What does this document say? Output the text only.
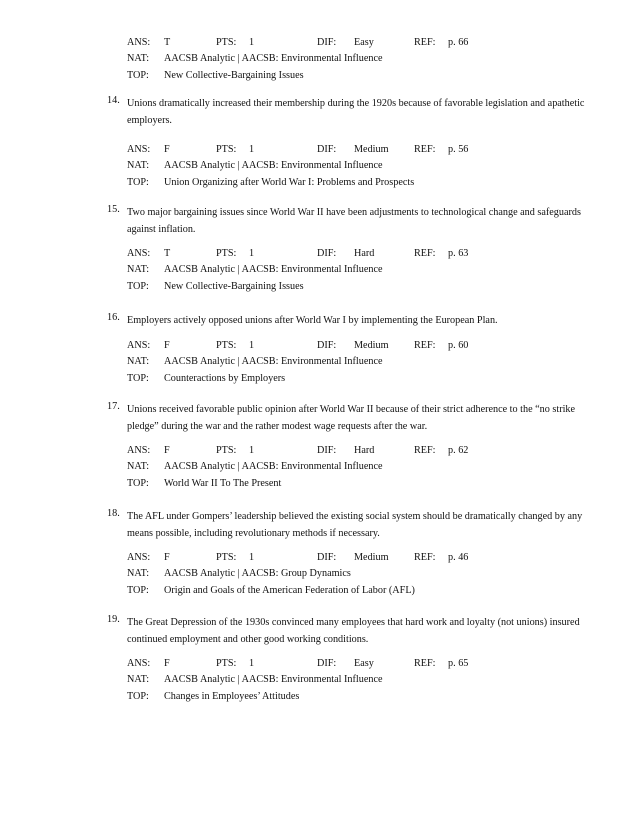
ANS: T	PTS: 1	DIF: Easy	REF: p. 66
NAT: AACSB Analytic | AACSB: Environmental Influence
TOP: New Collective-Bargaining Issues
14. Unions dramatically increased their membership during the 1920s because of favorable legislation and apathetic employers.
ANS: F	PTS: 1	DIF: Medium REF: p. 56
NAT: AACSB Analytic | AACSB: Environmental Influence
TOP: Union Organizing after World War I: Problems and Prospects
15. Two major bargaining issues since World War II have been adjustments to technological change and safeguards against inflation.
ANS: T	PTS: 1	DIF: Hard	REF: p. 63
NAT: AACSB Analytic | AACSB: Environmental Influence
TOP: New Collective-Bargaining Issues
16. Employers actively opposed unions after World War I by implementing the European Plan.
ANS: F	PTS: 1	DIF: Medium REF: p. 60
NAT: AACSB Analytic | AACSB: Environmental Influence
TOP: Counteractions by Employers
17. Unions received favorable public opinion after World War II because of their strict adherence to the “no strike pledge” during the war and the rather modest wage requests after the war.
ANS: F	PTS: 1	DIF: Hard	REF: p. 62
NAT: AACSB Analytic | AACSB: Environmental Influence
TOP: World War II To The Present
18. The AFL under Gompers’ leadership believed the existing social system should be dramatically changed by any means possible, including revolutionary methods if necessary.
ANS: F	PTS: 1	DIF: Medium REF: p. 46
NAT: AACSB Analytic | AACSB: Group Dynamics
TOP: Origin and Goals of the American Federation of Labor (AFL)
19. The Great Depression of the 1930s convinced many employees that hard work and loyalty (not unions) insured continued employment and other good working conditions.
ANS: F	PTS: 1	DIF: Easy	REF: p. 65
NAT: AACSB Analytic | AACSB: Environmental Influence
TOP: Changes in Employees’ Attitudes
